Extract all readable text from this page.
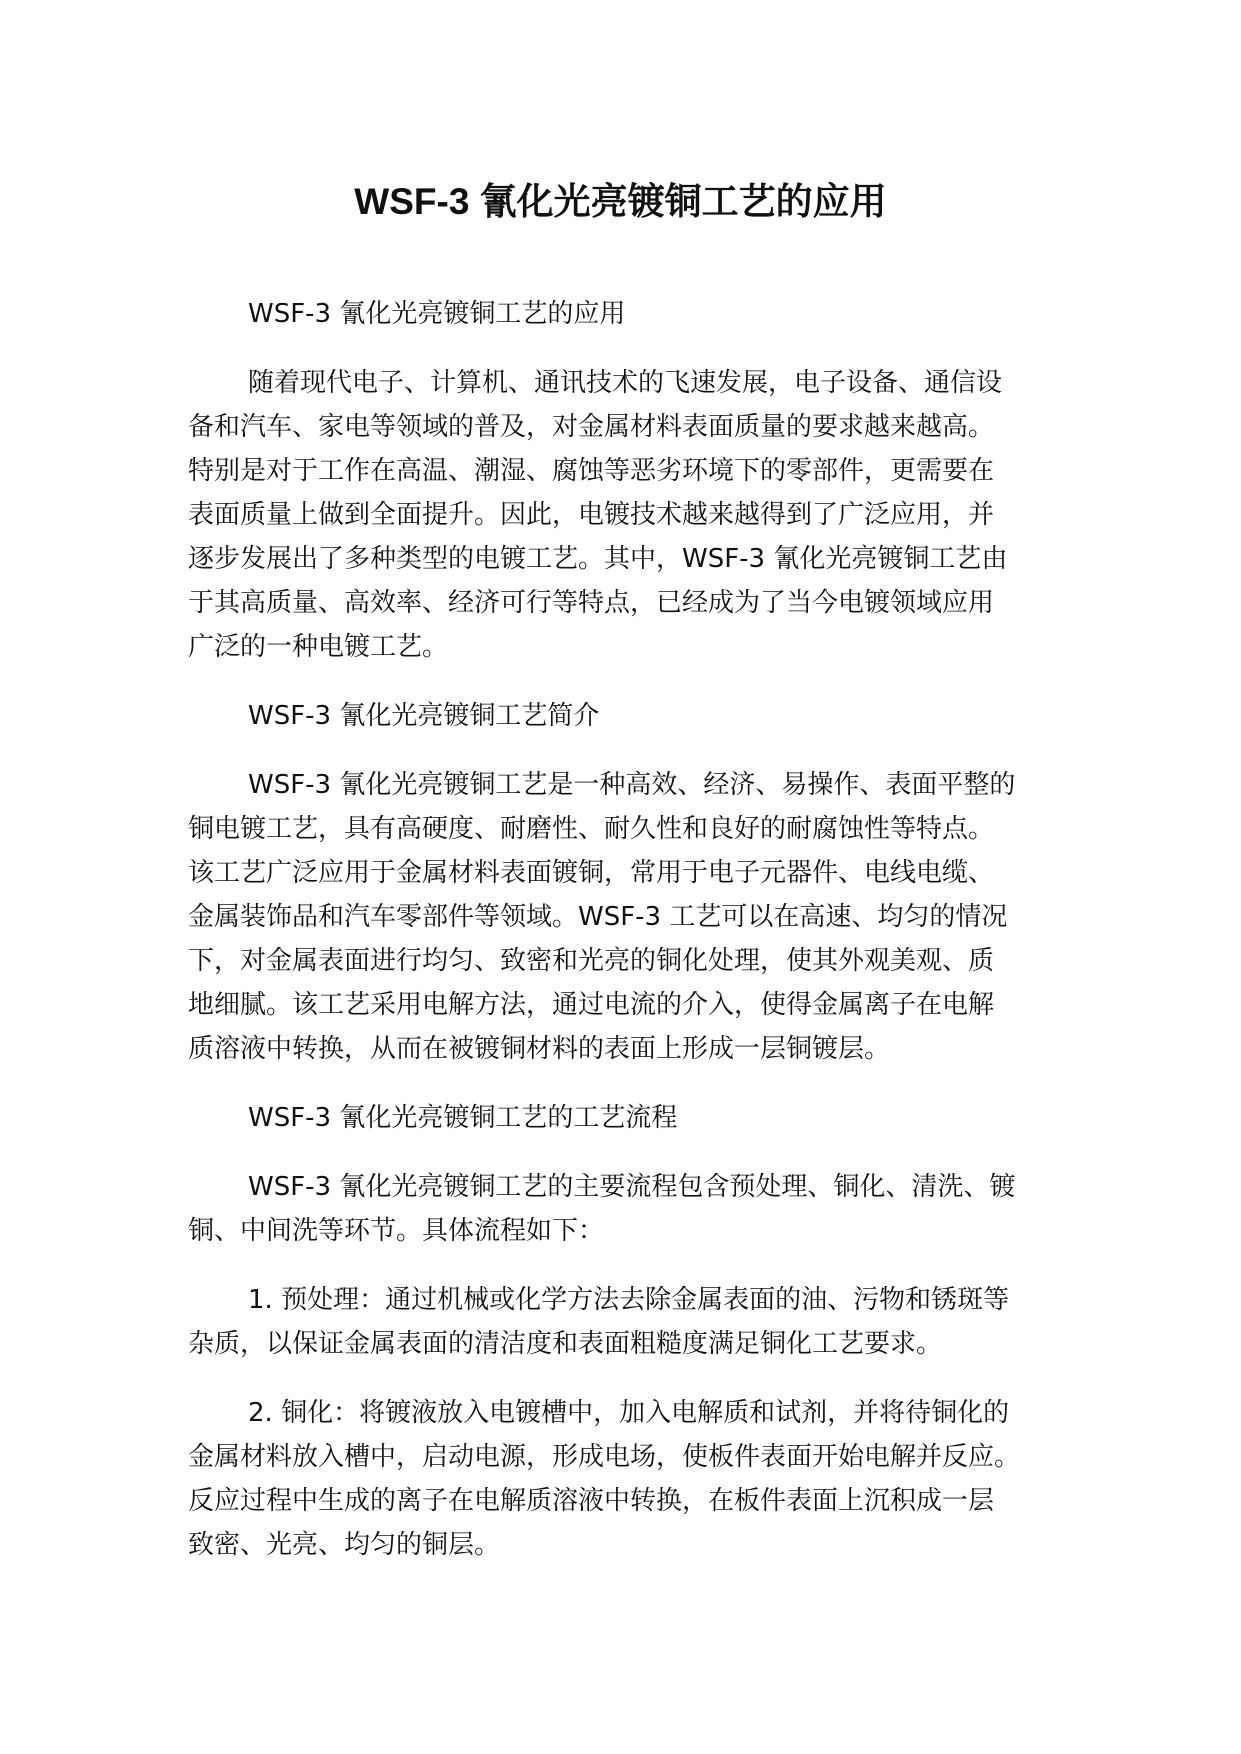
WSF-3 氰化光亮镀铜工艺的应用

WSF-3 氰化光亮镀铜工艺的应用

随着现代电子、计算机、通讯技术的飞速发展，电子设备、通信设
备和汽车、家电等领域的普及，对金属材料表面质量的要求越来越高。
特别是对于工作在高温、潮湿、腐蚀等恶劣环境下的零部件，更需要在
表面质量上做到全面提升。因此，电镀技术越来越得到了广泛应用，并
逐步发展出了多种类型的电镀工艺。其中，WSF-3 氰化光亮镀铜工艺由
于其高质量、高效率、经济可行等特点，已经成为了当今电镀领域应用
广泛的一种电镀工艺。

WSF-3 氰化光亮镀铜工艺简介

WSF-3 氰化光亮镀铜工艺是一种高效、经济、易操作、表面平整的
铜电镀工艺，具有高硬度、耐磨性、耐久性和良好的耐腐蚀性等特点。
该工艺广泛应用于金属材料表面镀铜，常用于电子元器件、电线电缆、
金属装饰品和汽车零部件等领域。WSF-3 工艺可以在高速、均匀的情况
下，对金属表面进行均匀、致密和光亮的铜化处理，使其外观美观、质
地细腻。该工艺采用电解方法，通过电流的介入，使得金属离子在电解
质溶液中转换，从而在被镀铜材料的表面上形成一层铜镀层。

WSF-3 氰化光亮镀铜工艺的工艺流程

WSF-3 氰化光亮镀铜工艺的主要流程包含预处理、铜化、清洗、镀
铜、中间洗等环节。具体流程如下：

1. 预处理：通过机械或化学方法去除金属表面的油、污物和锈斑等
杂质，以保证金属表面的清洁度和表面粗糙度满足铜化工艺要求。

2. 铜化：将镀液放入电镀槽中，加入电解质和试剂，并将待铜化的
金属材料放入槽中，启动电源，形成电场，使板件表面开始电解并反应。
反应过程中生成的离子在电解质溶液中转换，在板件表面上沉积成一层
致密、光亮、均匀的铜层。
